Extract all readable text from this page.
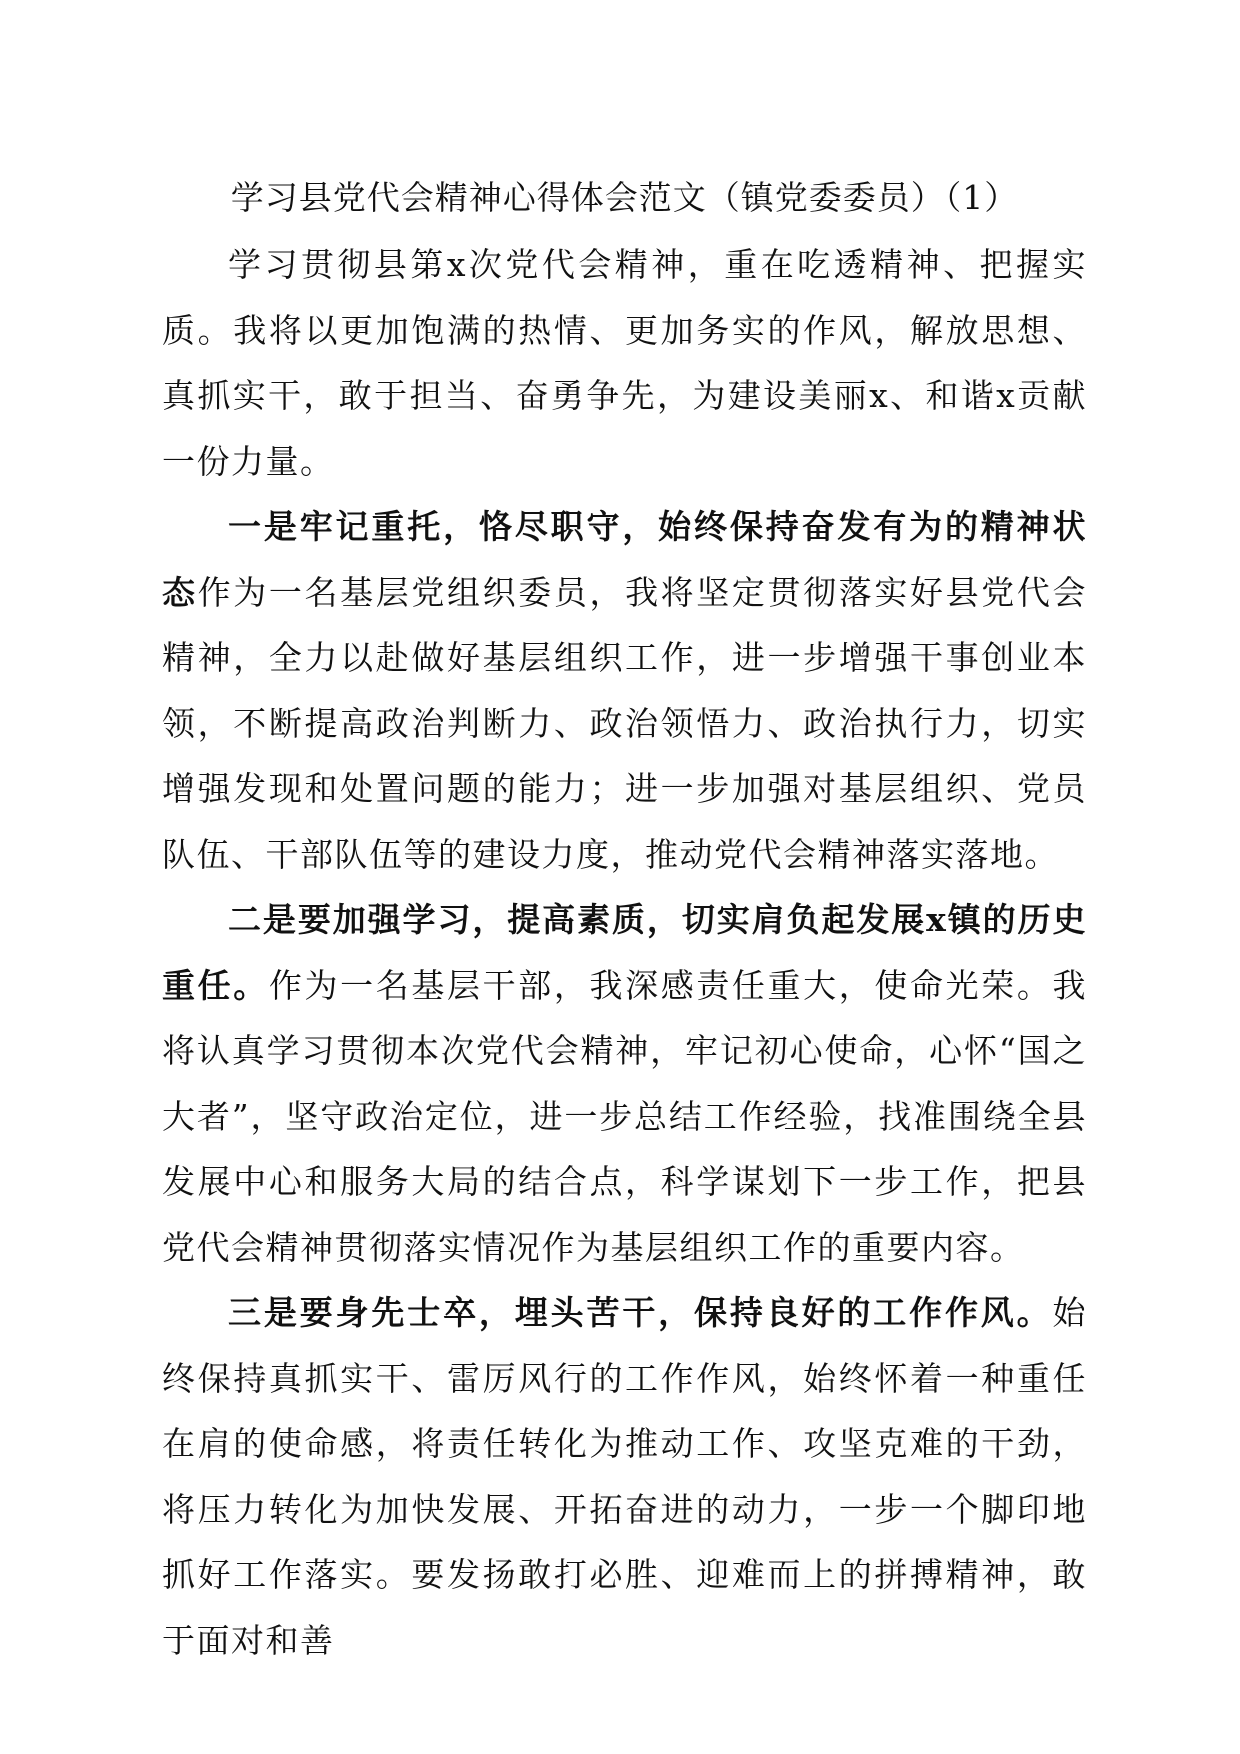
学习县党代会精神心得体会范文（镇党委委员）（1）

学习贯彻县第x次党代会精神，重在吃透精神、把握实质。我将以更加饱满的热情、更加务实的作风，解放思想、真抓实干，敢于担当、奋勇争先，为建设美丽x、和谐x贡献一份力量。

一是牢记重托，恪尽职守，始终保持奋发有为的精神状态作为一名基层党组织委员，我将坚定贯彻落实好县党代会精神，全力以赴做好基层组织工作，进一步增强干事创业本领，不断提高政治判断力、政治领悟力、政治执行力，切实增强发现和处置问题的能力；进一步加强对基层组织、党员队伍、干部队伍等的建设力度，推动党代会精神落实落地。

二是要加强学习，提高素质，切实肩负起发展x镇的历史重任。作为一名基层干部，我深感责任重大，使命光荣。我将认真学习贯彻本次党代会精神，牢记初心使命，心怀“国之大者”，坚守政治定位，进一步总结工作经验，找准围绕全县发展中心和服务大局的结合点，科学谋划下一步工作，把县党代会精神贯彻落实情况作为基层组织工作的重要内容。

三是要身先士卒，埋头苦干，保持良好的工作作风。始终保持真抓实干、雷厉风行的工作作风，始终怀着一种重任在肩的使命感，将责任转化为推动工作、攻坚克难的干劲，将压力转化为加快发展、开拓奋进的动力，一步一个脚印地抓好工作落实。要发扬敢打必胜、迎难而上的拼搏精神，敢于面对和善
